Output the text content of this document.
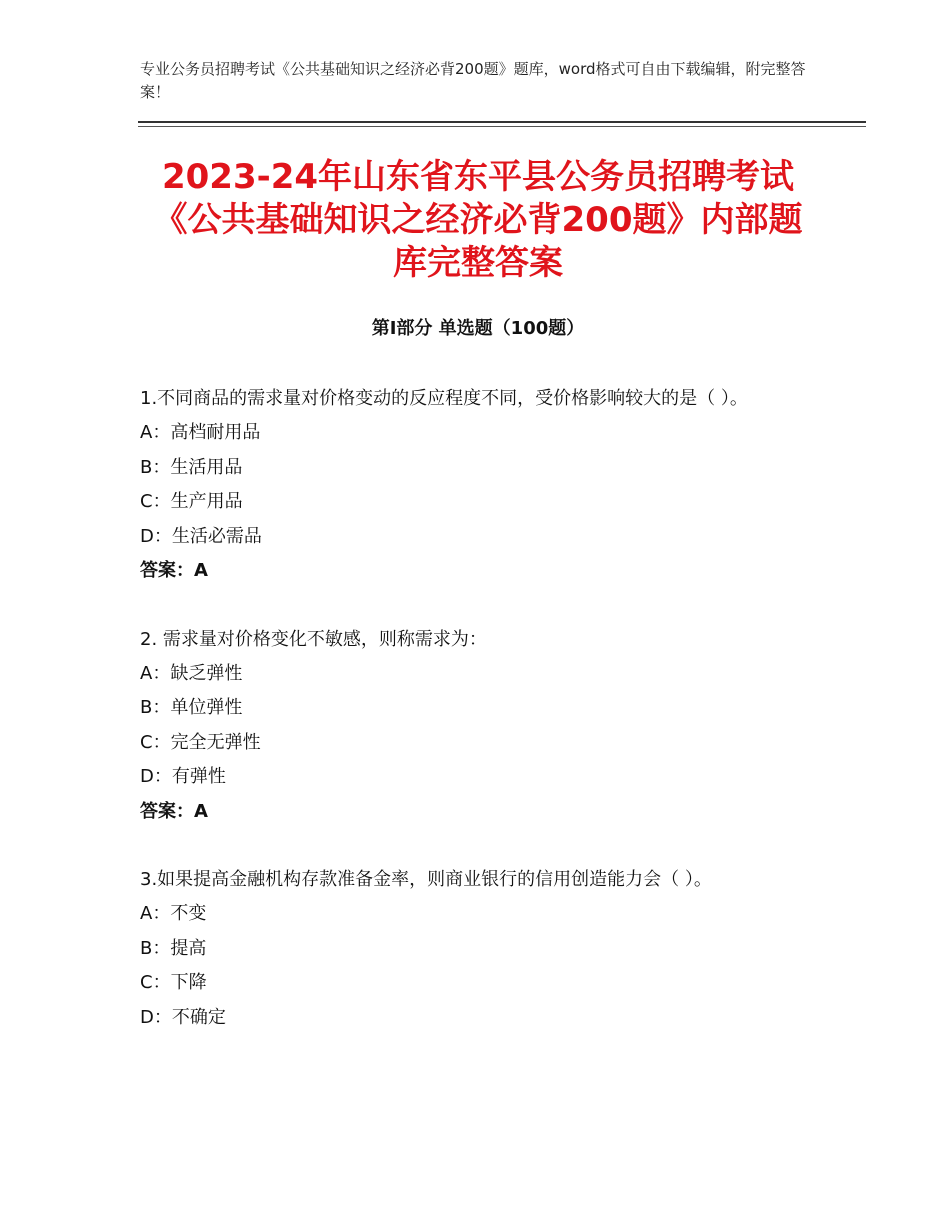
专业公务员招聘考试《公共基础知识之经济必背200题》题库，word格式可自由下载编辑，附完整答案！
2023-24年山东省东平县公务员招聘考试《公共基础知识之经济必背200题》内部题库完整答案
第I部分 单选题（100题）

1.不同商品的需求量对价格变动的反应程度不同，受价格影响较大的是（ ）。

A：高档耐用品

B：生活用品

C：生产用品

D：生活必需品

答案：A

2. 需求量对价格变化不敏感，则称需求为：

A：缺乏弹性

B：单位弹性

C：完全无弹性

D：有弹性

答案：A

3.如果提高金融机构存款准备金率，则商业银行的信用创造能力会（ ）。

A：不变

B：提高

C：下降

D：不确定
